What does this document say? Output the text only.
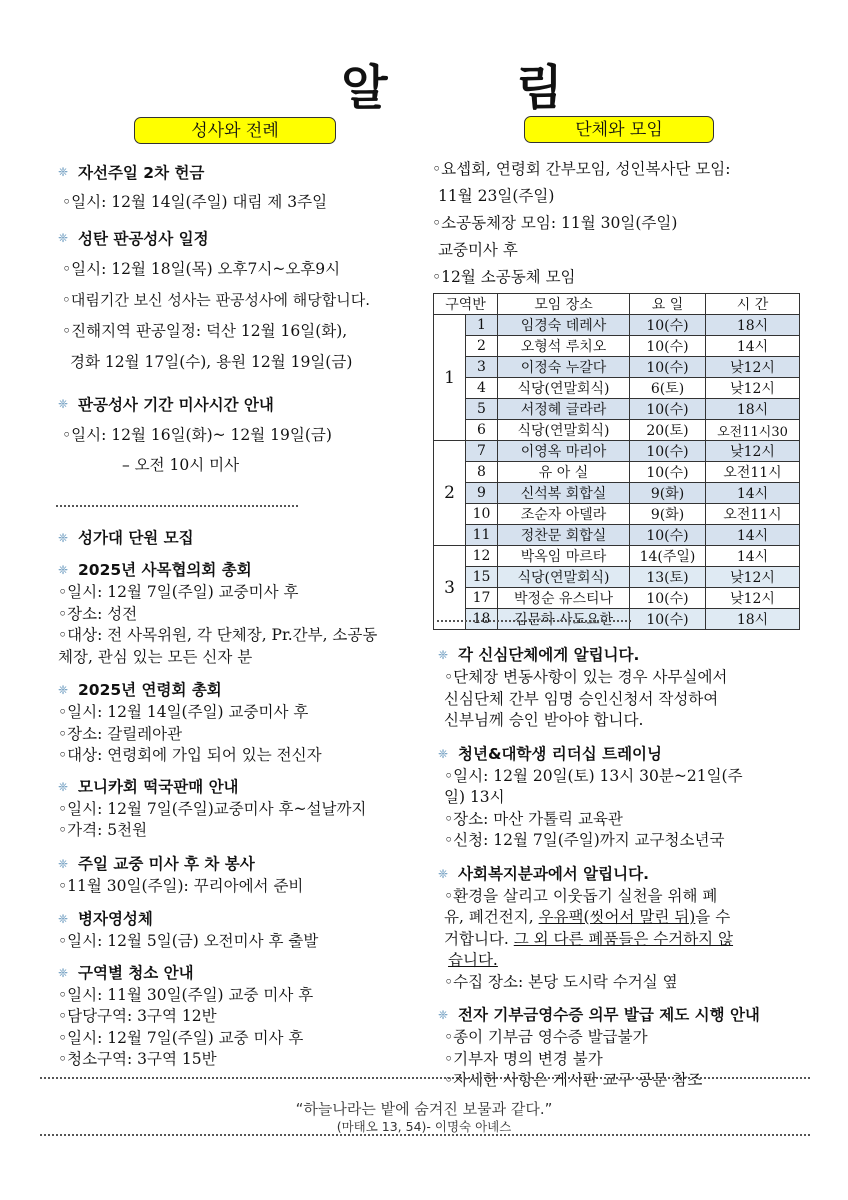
알 림
성사와 전례	단체와 모임
❈ 자선주일 2차 헌금

◦일시: 12월 14일(주일) 대림 제 3주일

❈ 성탄 판공성사 일정

◦일시: 12월 18일(목) 오후7시~오후9시

◦대림기간 보신 성사는 판공성사에 해당합니다.

◦진해지역 판공일정: 덕산 12월 16일(화),

경화 12월 17일(수), 용원 12월 19일(금)

❈ 판공성사 기간 미사시간 안내

◦일시: 12월 16일(화)~ 12월 19일(금)

– 오전 10시 미사

❈ 성가대 단원 모집
❈ 2025년 사목협의회 총회

◦일시: 12월 7일(주일) 교중미사 후

◦장소: 성전

◦대상: 전 사목위원, 각 단체장, Pr.간부, 소공동

체장, 관심 있는 모든 신자 분

❈ 2025년 연령회 총회

◦일시: 12월 14일(주일) 교중미사 후

◦장소: 갈릴레아관

◦대상: 연령회에 가입 되어 있는 전신자

❈ 모니카회 떡국판매 안내

◦일시: 12월 7일(주일)교중미사 후~설날까지

◦가격: 5천원

❈ 주일 교중 미사 후 차 봉사

◦11월 30일(주일): 꾸리아에서 준비

❈ 병자영성체

◦일시: 12월 5일(금) 오전미사 후 출발

❈ 구역별 청소 안내

◦일시: 11월 30일(주일) 교중 미사 후

◦담당구역: 3구역 12반

◦일시: 12월 7일(주일) 교중 미사 후

◦청소구역: 3구역 15반

◦요셉회, 연령회 간부모임, 성인복사단 모임:

11월 23일(주일)

◦소공동체장 모임: 11월 30일(주일)

교중미사 후

◦12월 소공동체 모임

구역반		모임 장소	요 일	시 간
1	1	임경숙 데레사	10(수)	18시
	2	오형석 루치오	10(수)	14시
	3	이정숙 누갈다	10(수)	낮12시
	4	식당(연말회식)	6(토)	낮12시
	5	서정혜 글라라	10(수)	18시
	6	식당(연말회식)	20(토)	오전11시30
2	7	이영옥 마리아	10(수)	낮12시
	8	유 아 실	10(수)	오전11시
	9	신석복 회합실	9(화)	14시
	10	조순자 아델라	9(화)	오전11시
	11	정찬문 회합실	10(수)	14시
3	12	박옥임 마르타	14(주일)	14시
	15	식당(연말회식)	13(토)	낮12시
	17	박정순 유스티나	10(수)	낮12시
	18	김문하 사도요한	10(수)	18시
❈ 각 신심단체에게 알립니다.

◦단체장 변동사항이 있는 경우 사무실에서

신심단체 간부 임명 승인신청서 작성하여

신부님께 승인 받아야 합니다.

❈ 청년&대학생 리더십 트레이닝

◦일시: 12월 20일(토) 13시 30분~21일(주

일) 13시

◦장소: 마산 가톨릭 교육관

◦신청: 12월 7일(주일)까지 교구청소년국

❈ 사회복지분과에서 알립니다.

◦환경을 살리고 이웃돕기 실천을 위해 폐

유, 폐건전지, 우유팩(씻어서 말린 뒤)을 수

거합니다. 그 외 다른 폐품들은 수거하지 않

습니다.

◦수집 장소: 본당 도시락 수거실 옆

❈ 전자 기부금영수증 의무 발급 제도 시행 안내

◦종이 기부금 영수증 발급불가

◦기부자 명의 변경 불가

◦자세한 사항은 게시판 교구 공문 참조

“하늘나라는 밭에 숨겨진 보물과 같다.”
(마태오 13, 54)- 이명숙 아녜스
